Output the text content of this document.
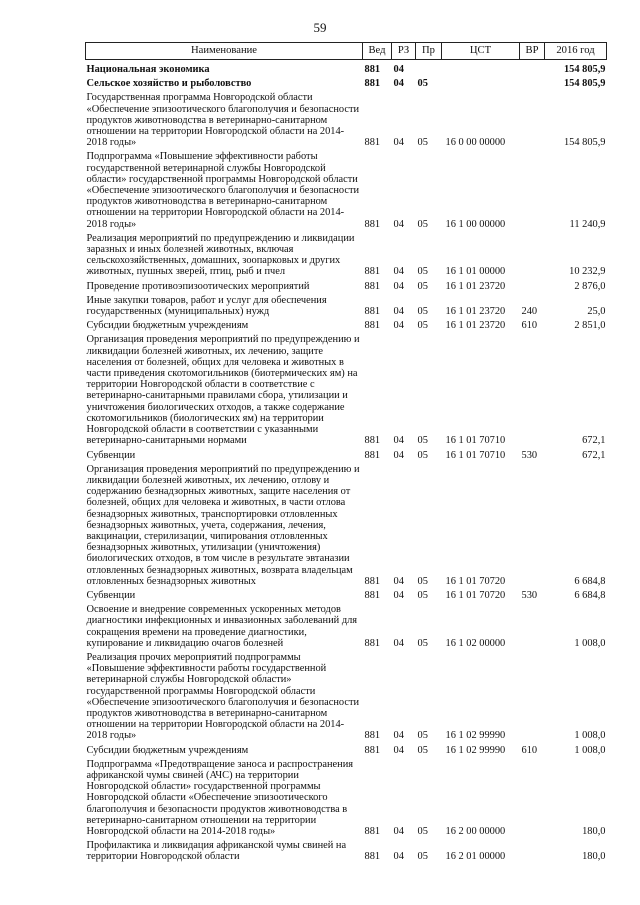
59
Наименование	Вед	РЗ	Пр	ЦСТ	ВР	2016 год
Национальная экономика	881	04				154 805,9
Сельское хозяйство и рыболовство	881	04	05			154 805,9
Государственная программа Новгородской области «Обеспечение эпизоотического благополучия и безопасности продуктов животноводства в ветеринарно-санитарном отношении на территории Новгородской области на 2014-2018 годы»	881	04	05	16 0 00 00000		154 805,9
Подпрограмма «Повышение эффективности работы государственной ветеринарной службы Новгородской области» государственной программы Новгородской области «Обеспечение эпизоотического благополучия и безопасности продуктов животноводства в ветеринарно-санитарном отношении на территории Новгородской области на 2014-2018 годы»	881	04	05	16 1 00 00000		11 240,9
Реализация мероприятий по предупреждению и ликвидации заразных и иных болезней животных, включая сельскохозяйственных, домашних, зоопарковых и других животных, пушных зверей, птиц, рыб и пчел	881	04	05	16 1 01 00000		10 232,9
Проведение противоэпизоотических мероприятий	881	04	05	16 1 01 23720		2 876,0
Иные закупки товаров, работ и услуг для обеспечения государственных (муниципальных) нужд	881	04	05	16 1 01 23720	240	25,0
Субсидии бюджетным учреждениям	881	04	05	16 1 01 23720	610	2 851,0
Организация проведения мероприятий по предупреждению и ликвидации болезней животных, их лечению, защите населения от болезней, общих для человека и животных в части приведения скотомогильников (биотермических ям) на территории Новгородской области в соответствие с ветеринарно-санитарными правилами сбора, утилизации и уничтожения биологических отходов, а также содержание скотомогильников (биологических ям) на территории Новгородской области в соответствии с указанными ветеринарно-санитарными нормами	881	04	05	16 1 01 70710		672,1
Субвенции	881	04	05	16 1 01 70710	530	672,1
Организация проведения мероприятий по предупреждению и ликвидации болезней животных, их лечению, отлову и содержанию безнадзорных животных, защите населения от болезней, общих для человека и животных, в части отлова безнадзорных животных, транспортировки отловленных безнадзорных животных, учета, содержания, лечения, вакцинации, стерилизации, чипирования отловленных безнадзорных животных, утилизации (уничтожения) биологических отходов, в том числе в результате эвтаназии отловленных безнадзорных животных, возврата владельцам отловленных безнадзорных животных	881	04	05	16 1 01 70720		6 684,8
Субвенции	881	04	05	16 1 01 70720	530	6 684,8
Освоение и внедрение современных ускоренных методов диагностики инфекционных и инвазионных заболеваний для сокращения времени на проведение диагностики, купирование и ликвидацию очагов болезней	881	04	05	16 1 02 00000		1 008,0
Реализация прочих мероприятий подпрограммы «Повышение эффективности работы государственной ветеринарной службы Новгородской области» государственной программы Новгородской области «Обеспечение эпизоотического благополучия и безопасности продуктов животноводства в ветеринарно-санитарном отношении на территории Новгородской области на 2014-2018 годы»	881	04	05	16 1 02 99990		1 008,0
Субсидии бюджетным учреждениям	881	04	05	16 1 02 99990	610	1 008,0
Подпрограмма «Предотвращение заноса и распространения африканской чумы свиней (АЧС) на территории Новгородской области» государственной программы Новгородской области «Обеспечение эпизоотического благополучия и безопасности продуктов животноводства в ветеринарно-санитарном отношении на территории Новгородской области на 2014-2018 годы»	881	04	05	16 2 00 00000		180,0
Профилактика и ликвидация африканской чумы свиней на территории Новгородской области	881	04	05	16 2 01 00000		180,0
